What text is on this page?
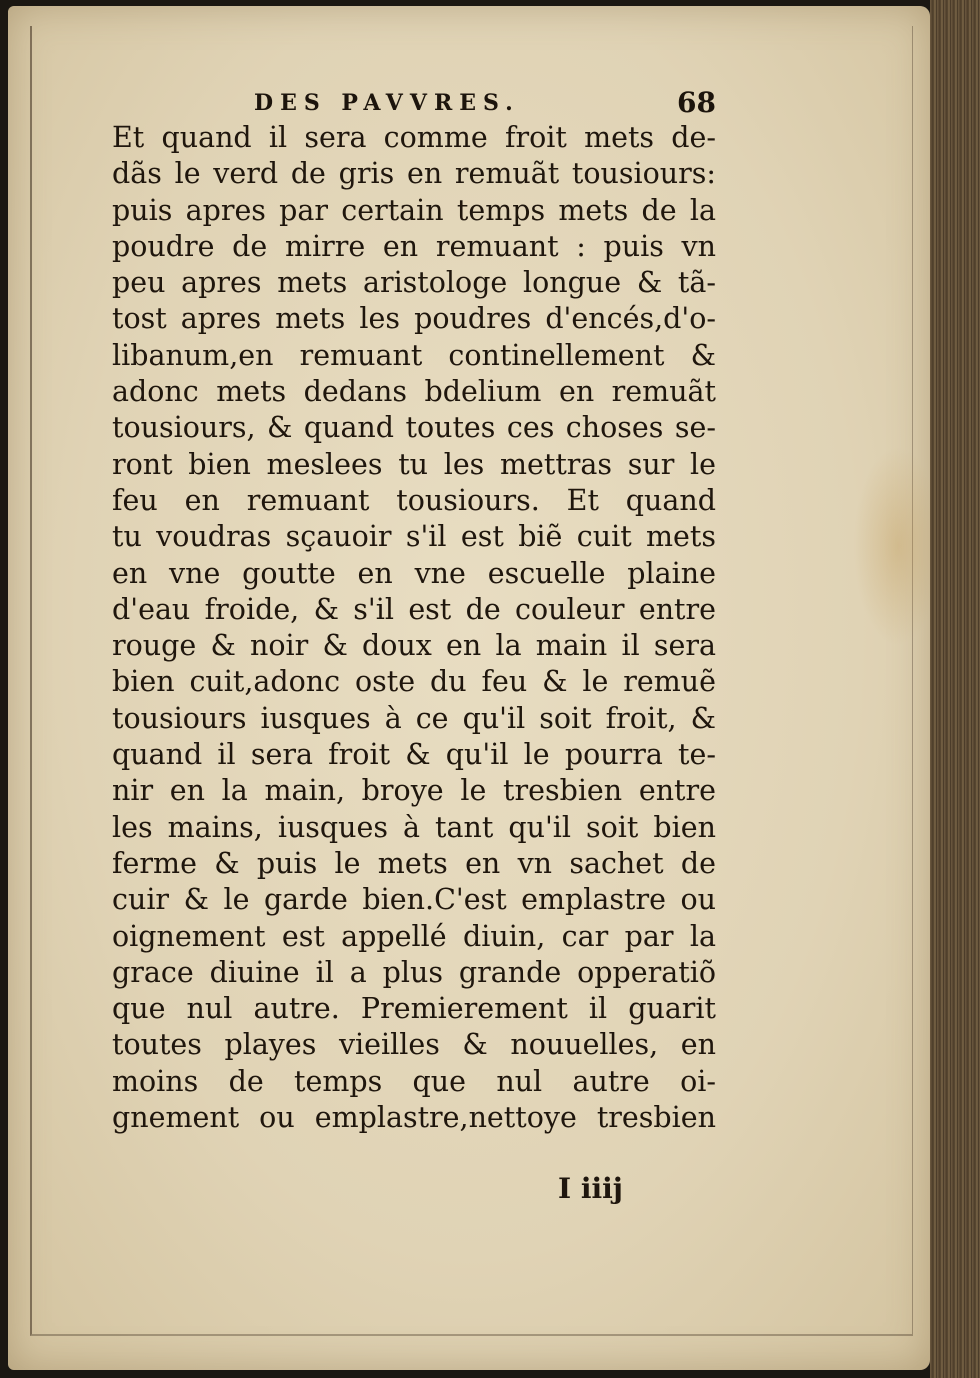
DES PAVVRES.	68
Et quand il sera comme froit mets de-
dãs le verd de gris en remuãt tousiours:
puis apres par certain temps mets de la
poudre de mirre en remuant : puis vn
peu apres mets aristologe longue & tã-
tost apres mets les poudres d'encés,d'o-
libanum,en remuant continellement &
adonc mets dedans bdelium en remuãt
tousiours, & quand toutes ces choses se-
ront bien meslees tu les mettras sur le
feu en remuant tousiours. Et quand
tu voudras sçauoir s'il est biẽ cuit mets
en vne goutte en vne escuelle plaine
d'eau froide, & s'il est de couleur entre
rouge & noir & doux en la main il sera
bien cuit,adonc oste du feu & le remuẽ
tousiours iusques à ce qu'il soit froit, &
quand il sera froit & qu'il le pourra te-
nir en la main, broye le tresbien entre
les mains, iusques à tant qu'il soit bien
ferme & puis le mets en vn sachet de
cuir & le garde bien.C'est emplastre ou
oignement est appellé diuin, car par la
grace diuine il a plus grande opperatiõ
que nul autre. Premierement il guarit
toutes playes vieilles & nouuelles, en
moins de temps que nul autre oi-
gnement ou emplastre,nettoye tresbien
I iiij
